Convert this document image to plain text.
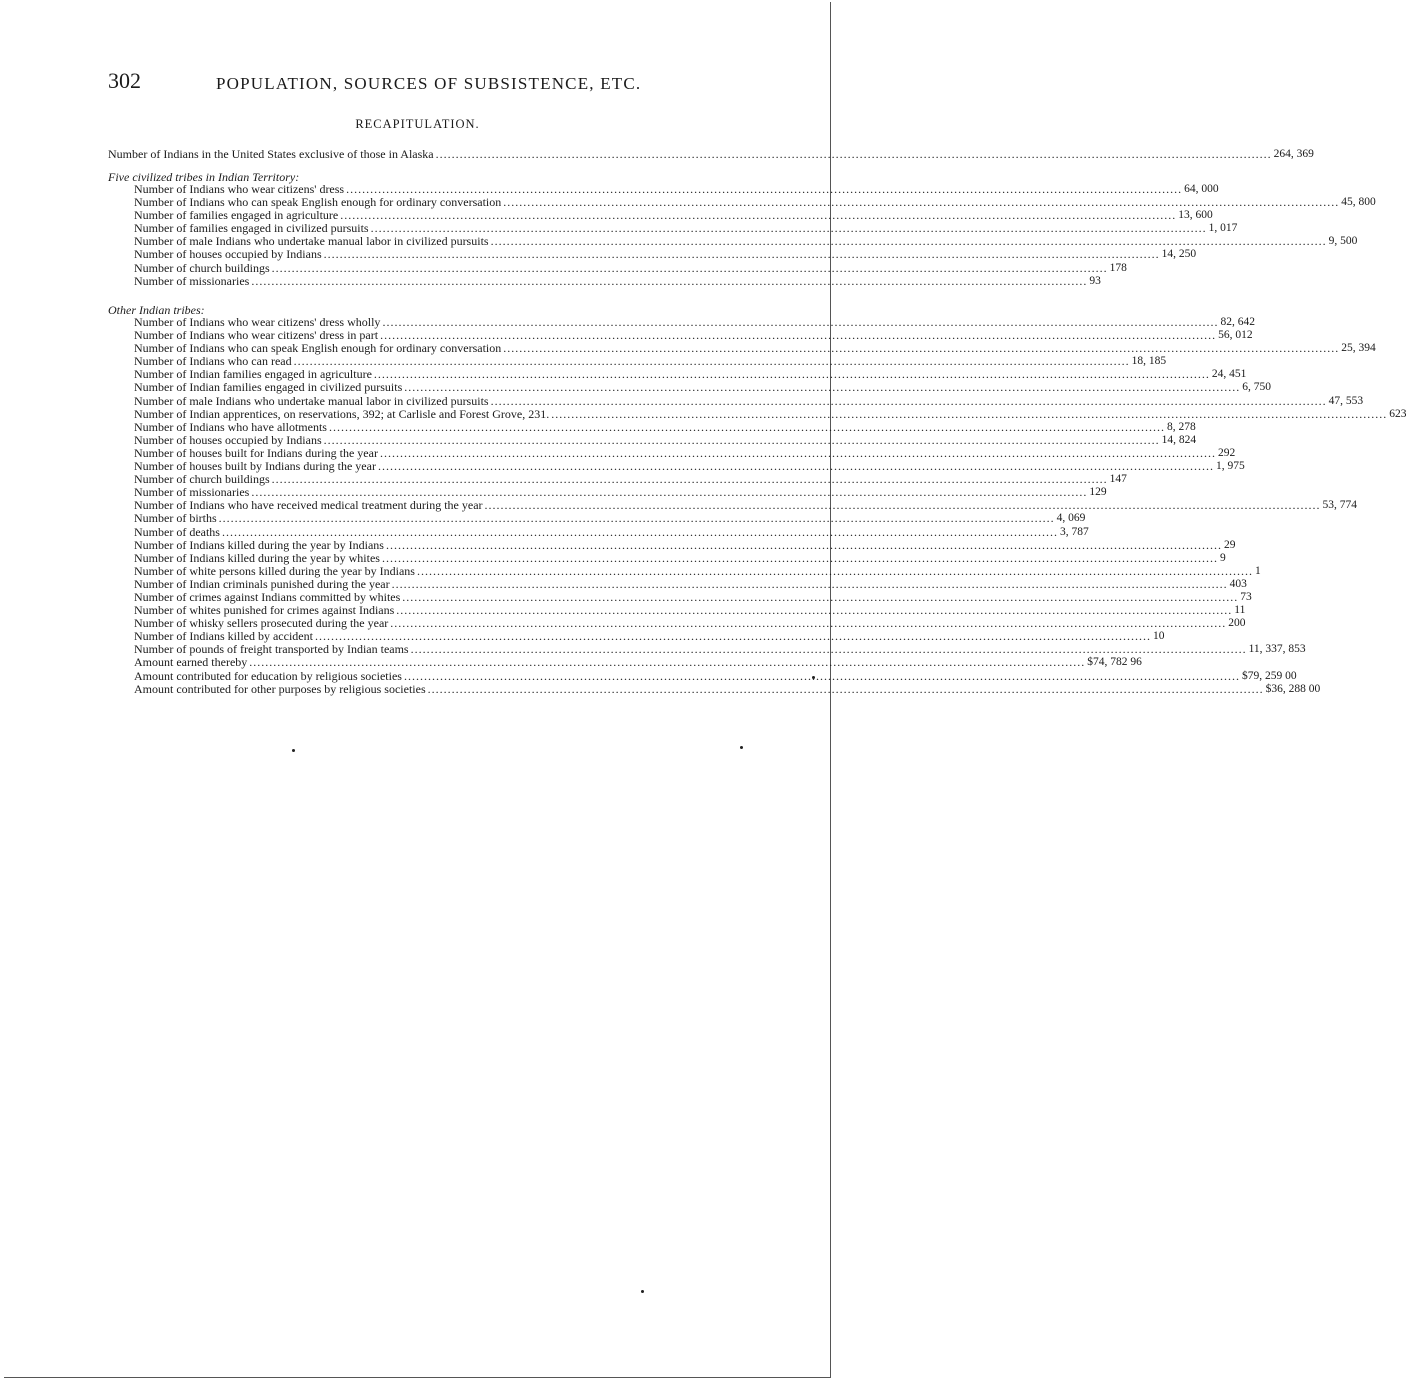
302	POPULATION, SOURCES OF SUBSISTENCE, ETC.
RECAPITULATION.
Number of Indians in the United States exclusive of those in Alaska .....	264, 369
Five civilized tribes in Indian Territory:
Number of Indians who wear citizens' dress .....	64, 000
Number of Indians who can speak English enough for ordinary conversation .....	45, 800
Number of families engaged in agriculture .....	13, 600
Number of families engaged in civilized pursuits .....	1, 017
Number of male Indians who undertake manual labor in civilized pursuits .....	9, 500
Number of houses occupied by Indians .....	14, 250
Number of church buildings .....	178
Number of missionaries .....	93
Other Indian tribes:
Number of Indians who wear citizens' dress wholly .....	82, 642
Number of Indians who wear citizens' dress in part .....	56, 012
Number of Indians who can speak English enough for ordinary conversation .....	25, 394
Number of Indians who can read .....	18, 185
Number of Indian families engaged in agriculture .....	24, 451
Number of Indian families engaged in civilized pursuits .....	6, 750
Number of male Indians who undertake manual labor in civilized pursuits .....	47, 553
Number of Indian apprentices, on reservations, 392; at Carlisle and Forest Grove, 231. .....	623
Number of Indians who have allotments .....	8, 278
Number of houses occupied by Indians .....	14, 824
Number of houses built for Indians during the year .....	292
Number of houses built by Indians during the year .....	1, 975
Number of church buildings .....	147
Number of missionaries .....	129
Number of Indians who have received medical treatment during the year .....	53, 774
Number of births .....	4, 069
Number of deaths .....	3, 787
Number of Indians killed during the year by Indians .....	29
Number of Indians killed during the year by whites .....	9
Number of white persons killed during the year by Indians .....	1
Number of Indian criminals punished during the year .....	403
Number of crimes against Indians committed by whites .....	73
Number of whites punished for crimes against Indians .....	11
Number of whisky sellers prosecuted during the year .....	200
Number of Indians killed by accident .....	10
Number of pounds of freight transported by Indian teams .....	11, 337, 853
Amount earned thereby .....	$74, 782 96
Amount contributed for education by religious societies .....	$79, 259 00
Amount contributed for other purposes by religious societies .....	$36, 288 00
